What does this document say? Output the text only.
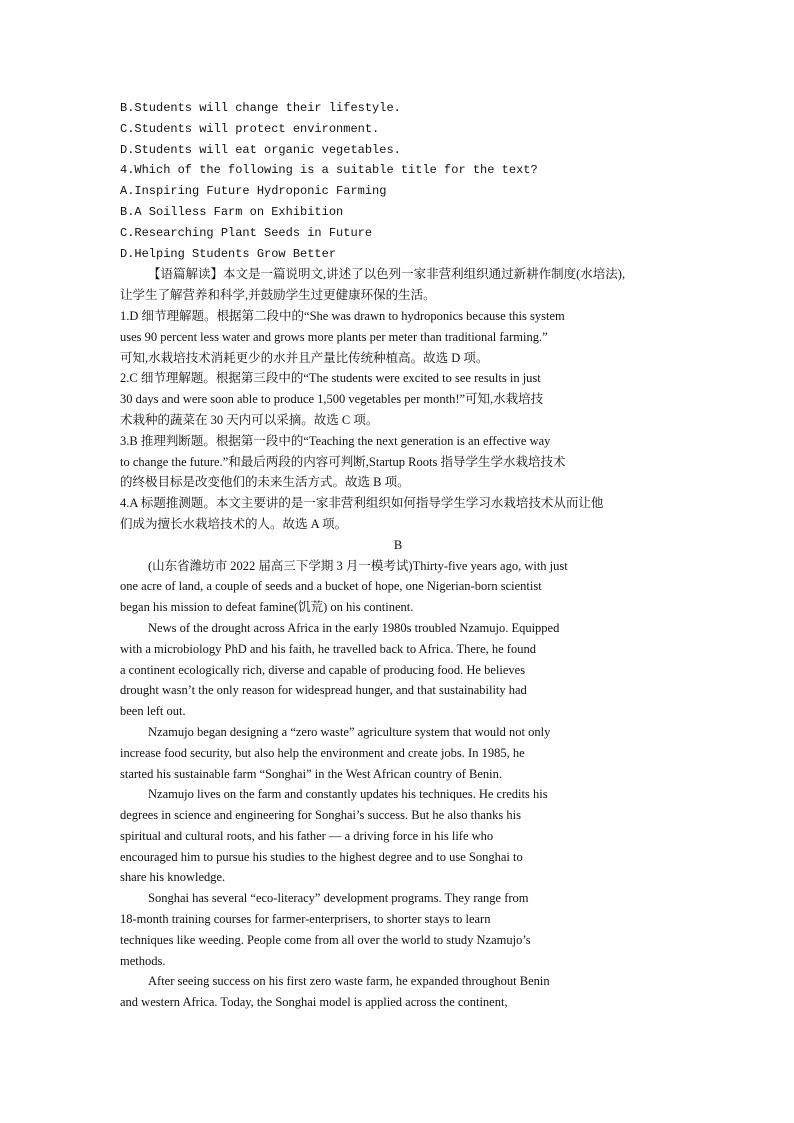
B.Students will change their lifestyle.
C.Students will protect environment.
D.Students will eat organic vegetables.
4.Which of the following is a suitable title for the text?
A.Inspiring Future Hydroponic Farming
B.A Soilless Farm on Exhibition
C.Researching Plant Seeds in Future
D.Helping Students Grow Better
【语篇解读】本文是一篇说明文,讲述了以色列一家非营利组织通过新耕作制度(水培法),
让学生了解营养和科学,并鼓励学生过更健康环保的生活。
1.D 细节理解题。根据第二段中的“She was drawn to hydroponics because this system
uses 90 percent less water and grows more plants per meter than traditional farming.”
可知,水栽培技术消耗更少的水并且产量比传统种植高。故选 D 项。
2.C 细节理解题。根据第三段中的“The students were excited to see results in just
30 days and were soon able to produce 1,500 vegetables per month!”可知,水栽培技
术栽种的蔬菜在 30 天内可以采摘。故选 C 项。
3.B 推理判断题。根据第一段中的“Teaching the next generation is an effective way
to change the future.”和最后两段的内容可判断,Startup Roots 指导学生学水栽培技术
的终极目标是改变他们的未来生活方式。故选 B 项。
4.A 标题推测题。本文主要讲的是一家非营利组织如何指导学生学习水栽培技术从而让他
们成为擅长水栽培技术的人。故选 A 项。
B
(山东省潍坊市 2022 届高三下学期 3 月一模考试)Thirty-five years ago, with just
one acre of land, a couple of seeds and a bucket of hope, one Nigerian-born scientist
began his mission to defeat famine(饥荒) on his continent.
News of the drought across Africa in the early 1980s troubled Nzamujo. Equipped
with a microbiology PhD and his faith, he travelled back to Africa. There, he found
a continent ecologically rich, diverse and capable of producing food. He believes
drought wasn’t the only reason for widespread hunger, and that sustainability had
been left out.
Nzamujo began designing a “zero waste” agriculture system that would not only
increase food security, but also help the environment and create jobs. In 1985, he
started his sustainable farm “Songhai” in the West African country of Benin.
Nzamujo lives on the farm and constantly updates his techniques. He credits his
degrees in science and engineering for Songhai’s success. But he also thanks his
spiritual and cultural roots, and his father — a driving force in his life who
encouraged him to pursue his studies to the highest degree and to use Songhai to
share his knowledge.
Songhai has several “eco-literacy” development programs. They range from
18-month training courses for farmer-enterprisers, to shorter stays to learn
techniques like weeding. People come from all over the world to study Nzamujo’s
methods.
After seeing success on his first zero waste farm, he expanded throughout Benin
and western Africa. Today, the Songhai model is applied across the continent,
